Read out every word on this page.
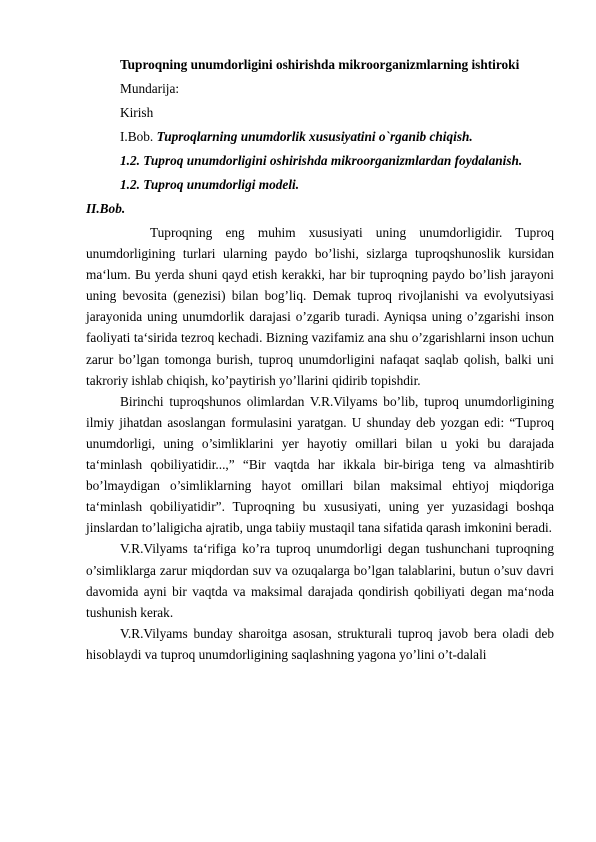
Tuproqning unumdorligini oshirishda mikroorganizmlarning ishtiroki
Mundarija:
Kirish
I.Bob. Tuproqlarning unumdorlik xususiyatini o`rganib chiqish.
1.2. Tuproq unumdorligini oshirishda mikroorganizmlardan foydalanish.
1.2. Tuproq unumdorligi modeli.
II.Bob.

Tuproqning eng muhim xususiyati uning unumdorligidir. Tuproq unumdorligining turlari ularning paydo bo’lishi, sizlarga tuproqshunoslik kursidan ma‘lum. Bu yerda shuni qayd etish kerakki, har bir tuproqning paydo bo’lish jarayoni uning bevosita (genezisi) bilan bog’liq. Demak tuproq rivojlanishi va evolyutsiyasi jarayonida uning unumdorlik darajasi o’zgarib turadi. Ayniqsa uning o’zgarishi inson faoliyati ta‘sirida tezroq kechadi. Bizning vazifamiz ana shu o’zgarishlarni inson uchun zarur bo’lgan tomonga burish, tuproq unumdorligini nafaqat saqlab qolish, balki uni takroriy ishlab chiqish, ko’paytirish yo’llarini qidirib topishdir.

Birinchi tuproqshunos olimlardan V.R.Vilyams bo’lib, tuproq unumdorligining ilmiy jihatdan asoslangan formulasini yaratgan. U shunday deb yozgan edi: “Tuproq unumdorligi, uning o’simliklarini yer hayotiy omillari bilan u yoki bu darajada ta‘minlash qobiliyatidir...,” “Bir vaqtda har ikkala bir-biriga teng va almashtirib bo’lmaydigan o’simliklarning hayot omillari bilan maksimal ehtiyoj miqdoriga ta‘minlash qobiliyatidir”. Tuproqning bu xususiyati, uning yer yuzasidagi boshqa jinslardan to’laligicha ajratib, unga tabiiy mustaqil tana sifatida qarash imkonini beradi.

V.R.Vilyams ta‘rifiga ko’ra tuproq unumdorligi degan tushunchani tuproqning o’simliklarga zarur miqdordan suv va ozuqalarga bo’lgan talablarini, butun o’suv davri davomida ayni bir vaqtda va maksimal darajada qondirish qobiliyati degan ma‘noda tushunish kerak.

V.R.Vilyams bunday sharoitga asosan, strukturali tuproq javob bera oladi deb hisoblaydi va tuproq unumdorligining saqlashning yagona yo’lini o’t-dalali
